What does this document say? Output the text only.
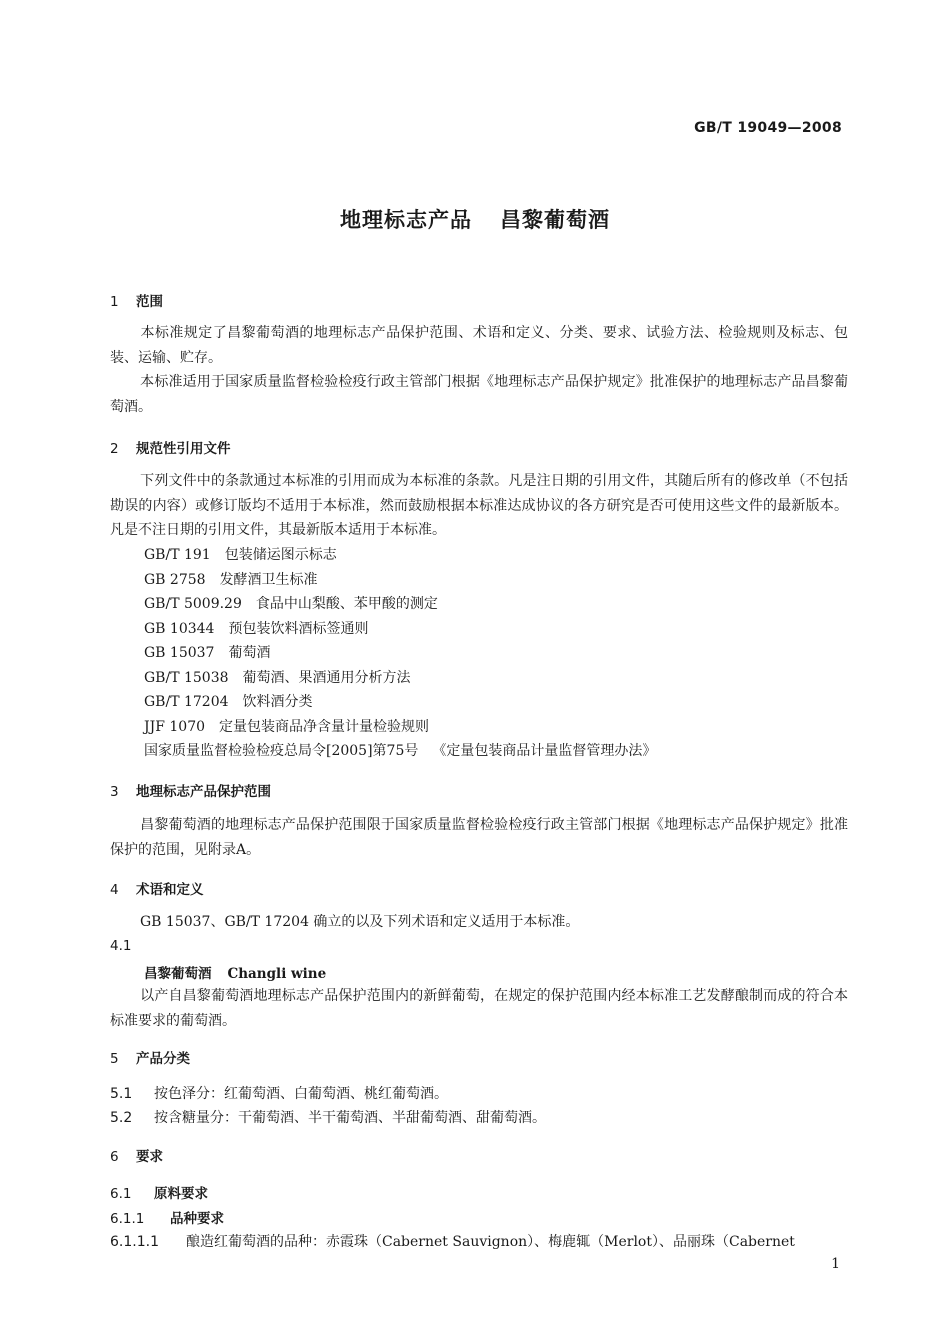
GB/T 19049—2008
地理标志产品 昌黎葡萄酒
1 范围
本标准规定了昌黎葡萄酒的地理标志产品保护范围、术语和定义、分类、要求、试验方法、检验规则及标志、包装、运输、贮存。
本标准适用于国家质量监督检验检疫行政主管部门根据《地理标志产品保护规定》批准保护的地理标志产品昌黎葡萄酒。
2 规范性引用文件
下列文件中的条款通过本标准的引用而成为本标准的条款。凡是注日期的引用文件，其随后所有的修改单（不包括勘误的内容）或修订版均不适用于本标准，然而鼓励根据本标准达成协议的各方研究是否可使用这些文件的最新版本。凡是不注日期的引用文件，其最新版本适用于本标准。
GB/T 191 包装储运图示标志
GB 2758 发酵酒卫生标准
GB/T 5009.29 食品中山梨酸、苯甲酸的测定
GB 10344 预包装饮料酒标签通则
GB 15037 葡萄酒
GB/T 15038 葡萄酒、果酒通用分析方法
GB/T 17204 饮料酒分类
JJF 1070 定量包装商品净含量计量检验规则
国家质量监督检验检疫总局令[2005]第75号 《定量包装商品计量监督管理办法》
3 地理标志产品保护范围
昌黎葡萄酒的地理标志产品保护范围限于国家质量监督检验检疫行政主管部门根据《地理标志产品保护规定》批准保护的范围，见附录A。
4 术语和定义
GB 15037、GB/T 17204 确立的以及下列术语和定义适用于本标准。
4.1
昌黎葡萄酒 Changli wine
以产自昌黎葡萄酒地理标志产品保护范围内的新鲜葡萄，在规定的保护范围内经本标准工艺发酵酿制而成的符合本标准要求的葡萄酒。
5 产品分类
5.1 按色泽分：红葡萄酒、白葡萄酒、桃红葡萄酒。
5.2 按含糖量分：干葡萄酒、半干葡萄酒、半甜葡萄酒、甜葡萄酒。
6 要求
6.1 原料要求
6.1.1 品种要求
6.1.1.1 酿造红葡萄酒的品种：赤霞珠（Cabernet Sauvignon）、梅鹿辄（Merlot）、品丽珠（Cabernet
1
